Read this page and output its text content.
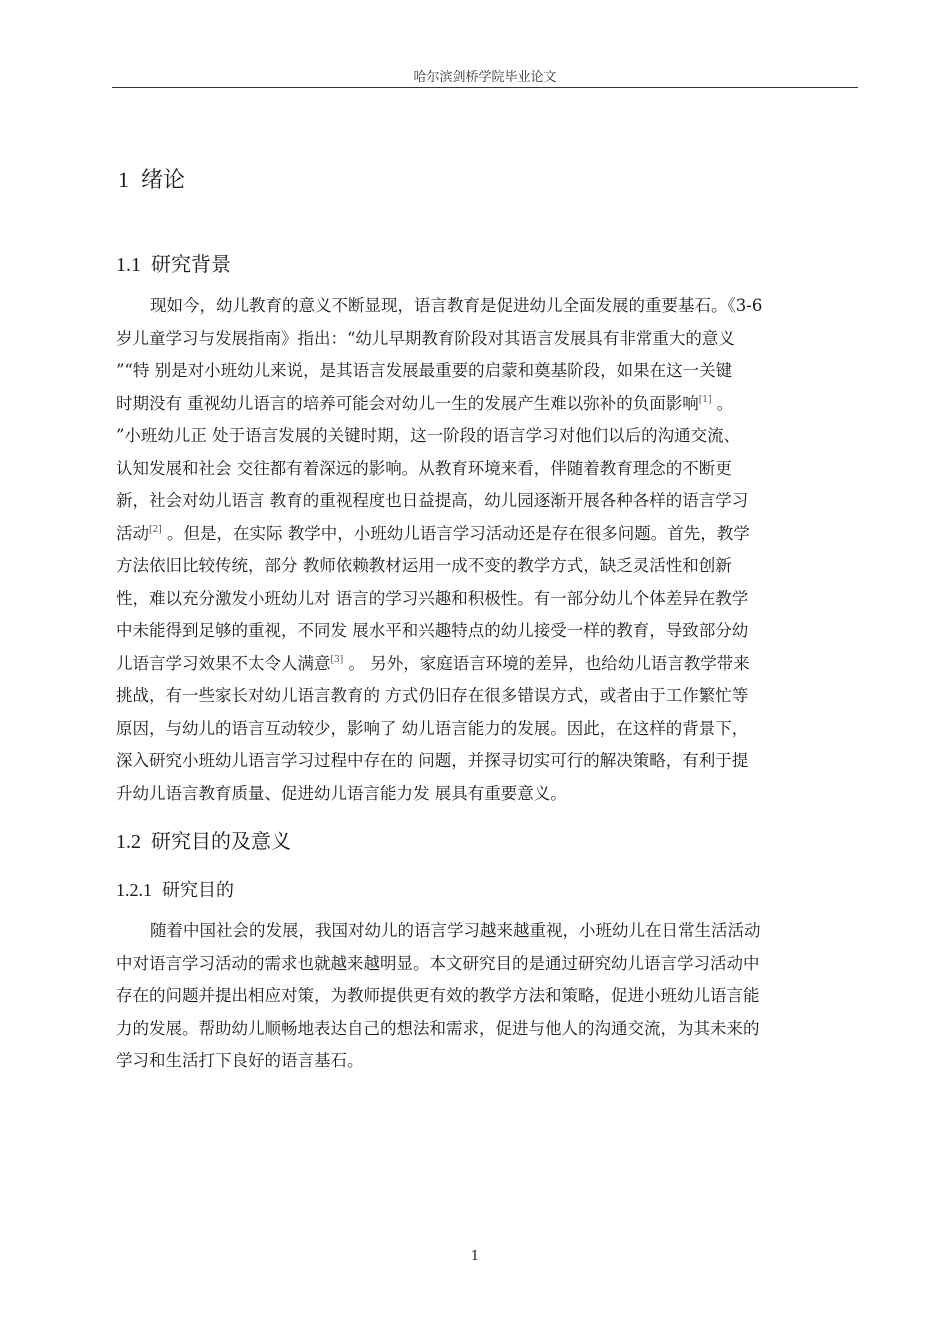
哈尔滨剑桥学院毕业论文
1 绪论
1.1 研究背景
现如今，幼儿教育的意义不断显现，语言教育是促进幼儿全面发展的重要基石。《3-6
岁儿童学习与发展指南》指出：“幼儿早期教育阶段对其语言发展具有非常重大的意义
”“特 别是对小班幼儿来说，是其语言发展最重要的启蒙和奠基阶段，如果在这一关键
时期没有 重视幼儿语言的培养可能会对幼儿一生的发展产生难以弥补的负面影响[1] 。
”小班幼儿正 处于语言发展的关键时期，这一阶段的语言学习对他们以后的沟通交流、
认知发展和社会 交往都有着深远的影响。从教育环境来看，伴随着教育理念的不断更
新，社会对幼儿语言 教育的重视程度也日益提高，幼儿园逐渐开展各种各样的语言学习
活动[2] 。但是，在实际 教学中，小班幼儿语言学习活动还是存在很多问题。首先，教学
方法依旧比较传统，部分 教师依赖教材运用一成不变的教学方式，缺乏灵活性和创新
性，难以充分激发小班幼儿对 语言的学习兴趣和积极性。有一部分幼儿个体差异在教学
中未能得到足够的重视，不同发 展水平和兴趣特点的幼儿接受一样的教育，导致部分幼
儿语言学习效果不太令人满意[3] 。 另外，家庭语言环境的差异，也给幼儿语言教学带来
挑战，有一些家长对幼儿语言教育的 方式仍旧存在很多错误方式，或者由于工作繁忙等
原因，与幼儿的语言互动较少，影响了 幼儿语言能力的发展。因此，在这样的背景下，
深入研究小班幼儿语言学习过程中存在的 问题，并探寻切实可行的解决策略，有利于提
升幼儿语言教育质量、促进幼儿语言能力发 展具有重要意义。
1.2 研究目的及意义
1.2.1 研究目的
随着中国社会的发展，我国对幼儿的语言学习越来越重视，小班幼儿在日常生活活动
中对语言学习活动的需求也就越来越明显。本文研究目的是通过研究幼儿语言学习活动中
存在的问题并提出相应对策，为教师提供更有效的教学方法和策略，促进小班幼儿语言能
力的发展。帮助幼儿顺畅地表达自己的想法和需求，促进与他人的沟通交流，为其未来的
学习和生活打下良好的语言基石。
1
